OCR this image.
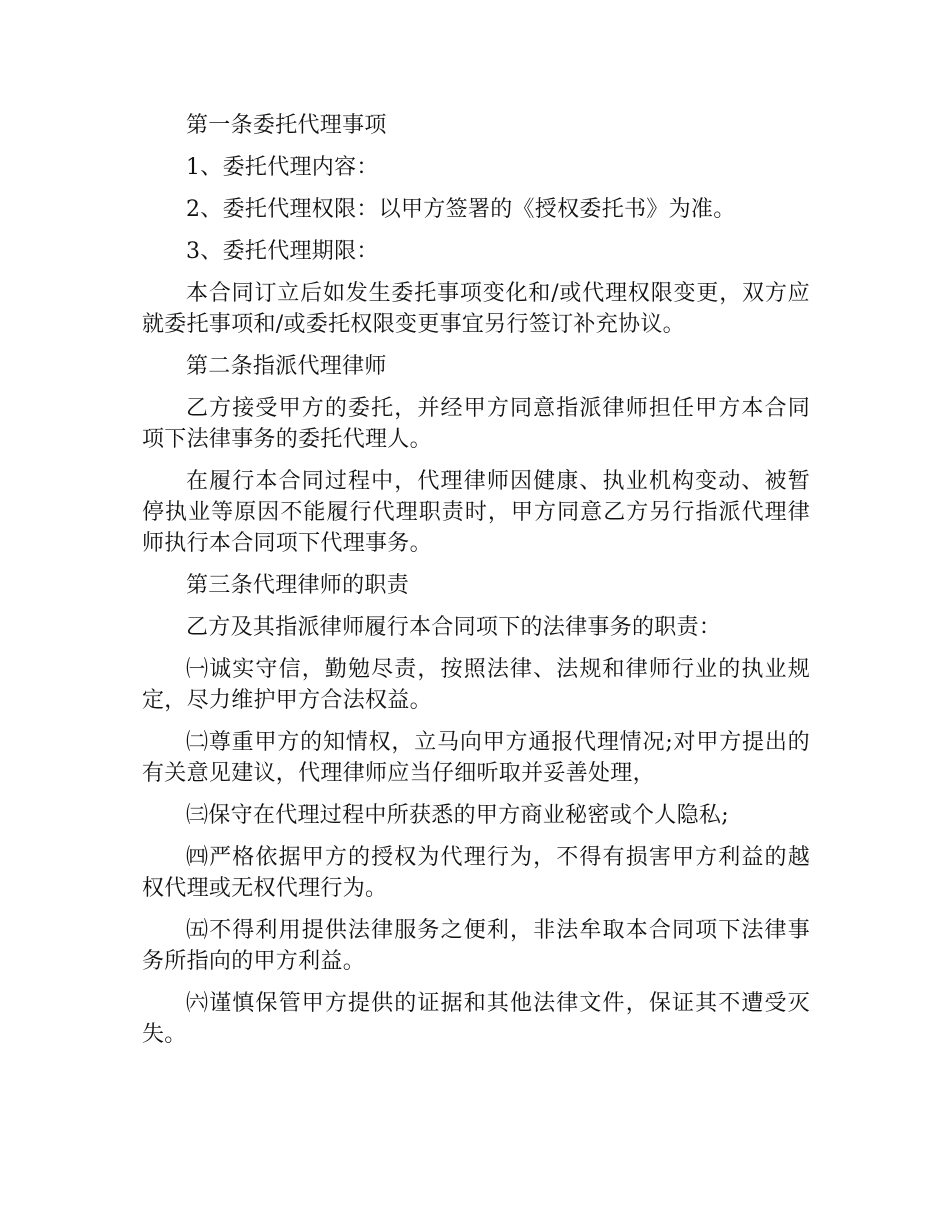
第一条委托代理事项

1、委托代理内容：

2、委托代理权限：以甲方签署的《授权委托书》为准。

3、委托代理期限：

本合同订立后如发生委托事项变化和/或代理权限变更，双方应就委托事项和/或委托权限变更事宜另行签订补充协议。

第二条指派代理律师

乙方接受甲方的委托，并经甲方同意指派律师担任甲方本合同项下法律事务的委托代理人。

在履行本合同过程中，代理律师因健康、执业机构变动、被暂停执业等原因不能履行代理职责时，甲方同意乙方另行指派代理律师执行本合同项下代理事务。

第三条代理律师的职责

乙方及其指派律师履行本合同项下的法律事务的职责：

㈠诚实守信，勤勉尽责，按照法律、法规和律师行业的执业规定，尽力维护甲方合法权益。

㈡尊重甲方的知情权，立马向甲方通报代理情况;对甲方提出的有关意见建议，代理律师应当仔细听取并妥善处理，

㈢保守在代理过程中所获悉的甲方商业秘密或个人隐私;

㈣严格依据甲方的授权为代理行为，不得有损害甲方利益的越权代理或无权代理行为。

㈤不得利用提供法律服务之便利，非法牟取本合同项下法律事务所指向的甲方利益。

㈥谨慎保管甲方提供的证据和其他法律文件，保证其不遭受灭失。
